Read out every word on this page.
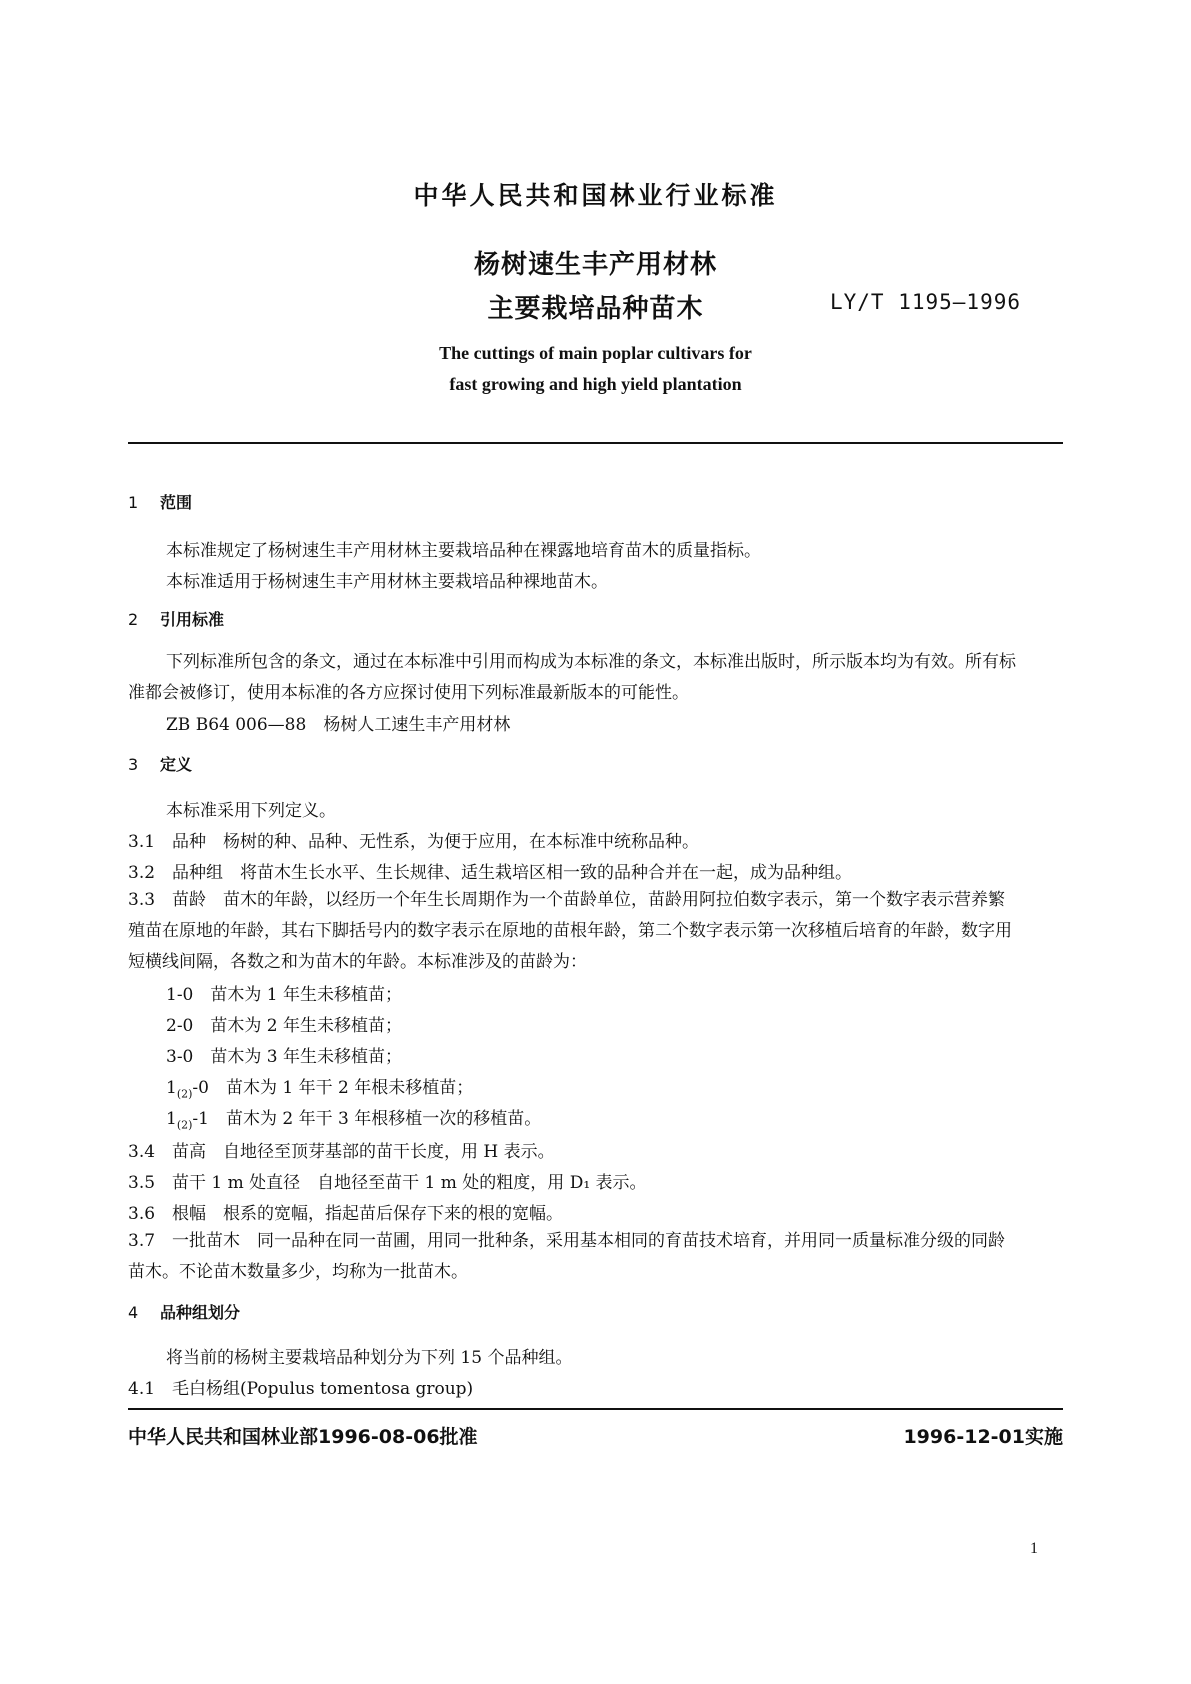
中华人民共和国林业行业标准
杨树速生丰产用材林
主要栽培品种苗木	LY/T 1195—1996
The cuttings of main poplar cultivars for
fast growing and high yield plantation
1 范围
本标准规定了杨树速生丰产用材林主要栽培品种在裸露地培育苗木的质量指标。
本标准适用于杨树速生丰产用材林主要栽培品种裸地苗木。
2 引用标准
下列标准所包含的条文，通过在本标准中引用而构成为本标准的条文，本标准出版时，所示版本均为有效。所有标准都会被修订，使用本标准的各方应探讨使用下列标准最新版本的可能性。
ZB B64 006—88　杨树人工速生丰产用材林
3 定义
本标准采用下列定义。
3.1 品种　杨树的种、品种、无性系，为便于应用，在本标准中统称品种。
3.2 品种组　将苗木生长水平、生长规律、适生栽培区相一致的品种合并在一起，成为品种组。
3.3 苗龄　苗木的年龄，以经历一个年生长周期作为一个苗龄单位，苗龄用阿拉伯数字表示，第一个数字表示营养繁殖苗在原地的年龄，其右下脚括号内的数字表示在原地的苗根年龄，第二个数字表示第一次移植后培育的年龄，数字用短横线间隔，各数之和为苗木的年龄。本标准涉及的苗龄为：
1-0　苗木为 1 年生未移植苗；
2-0　苗木为 2 年生未移植苗；
3-0　苗木为 3 年生未移植苗；
$1_{(2)}-0$　苗木为 1 年干 2 年根未移植苗；
$1_{(2)}-1$　苗木为 2 年干 3 年根移植一次的移植苗。
3.4 苗高　自地径至顶芽基部的苗干长度，用 H 表示。
3.5 苗干 1 m 处直径　自地径至苗干 1 m 处的粗度，用 D₁ 表示。
3.6 根幅　根系的宽幅，指起苗后保存下来的根的宽幅。
3.7 一批苗木　同一品种在同一苗圃，用同一批种条，采用基本相同的育苗技术培育，并用同一质量标准分级的同龄苗木。不论苗木数量多少，均称为一批苗木。
4 品种组划分
将当前的杨树主要栽培品种划分为下列 15 个品种组。
4.1 毛白杨组(Populus tomentosa group)
中华人民共和国林业部1996-08-06批准	1996-12-01实施
1
